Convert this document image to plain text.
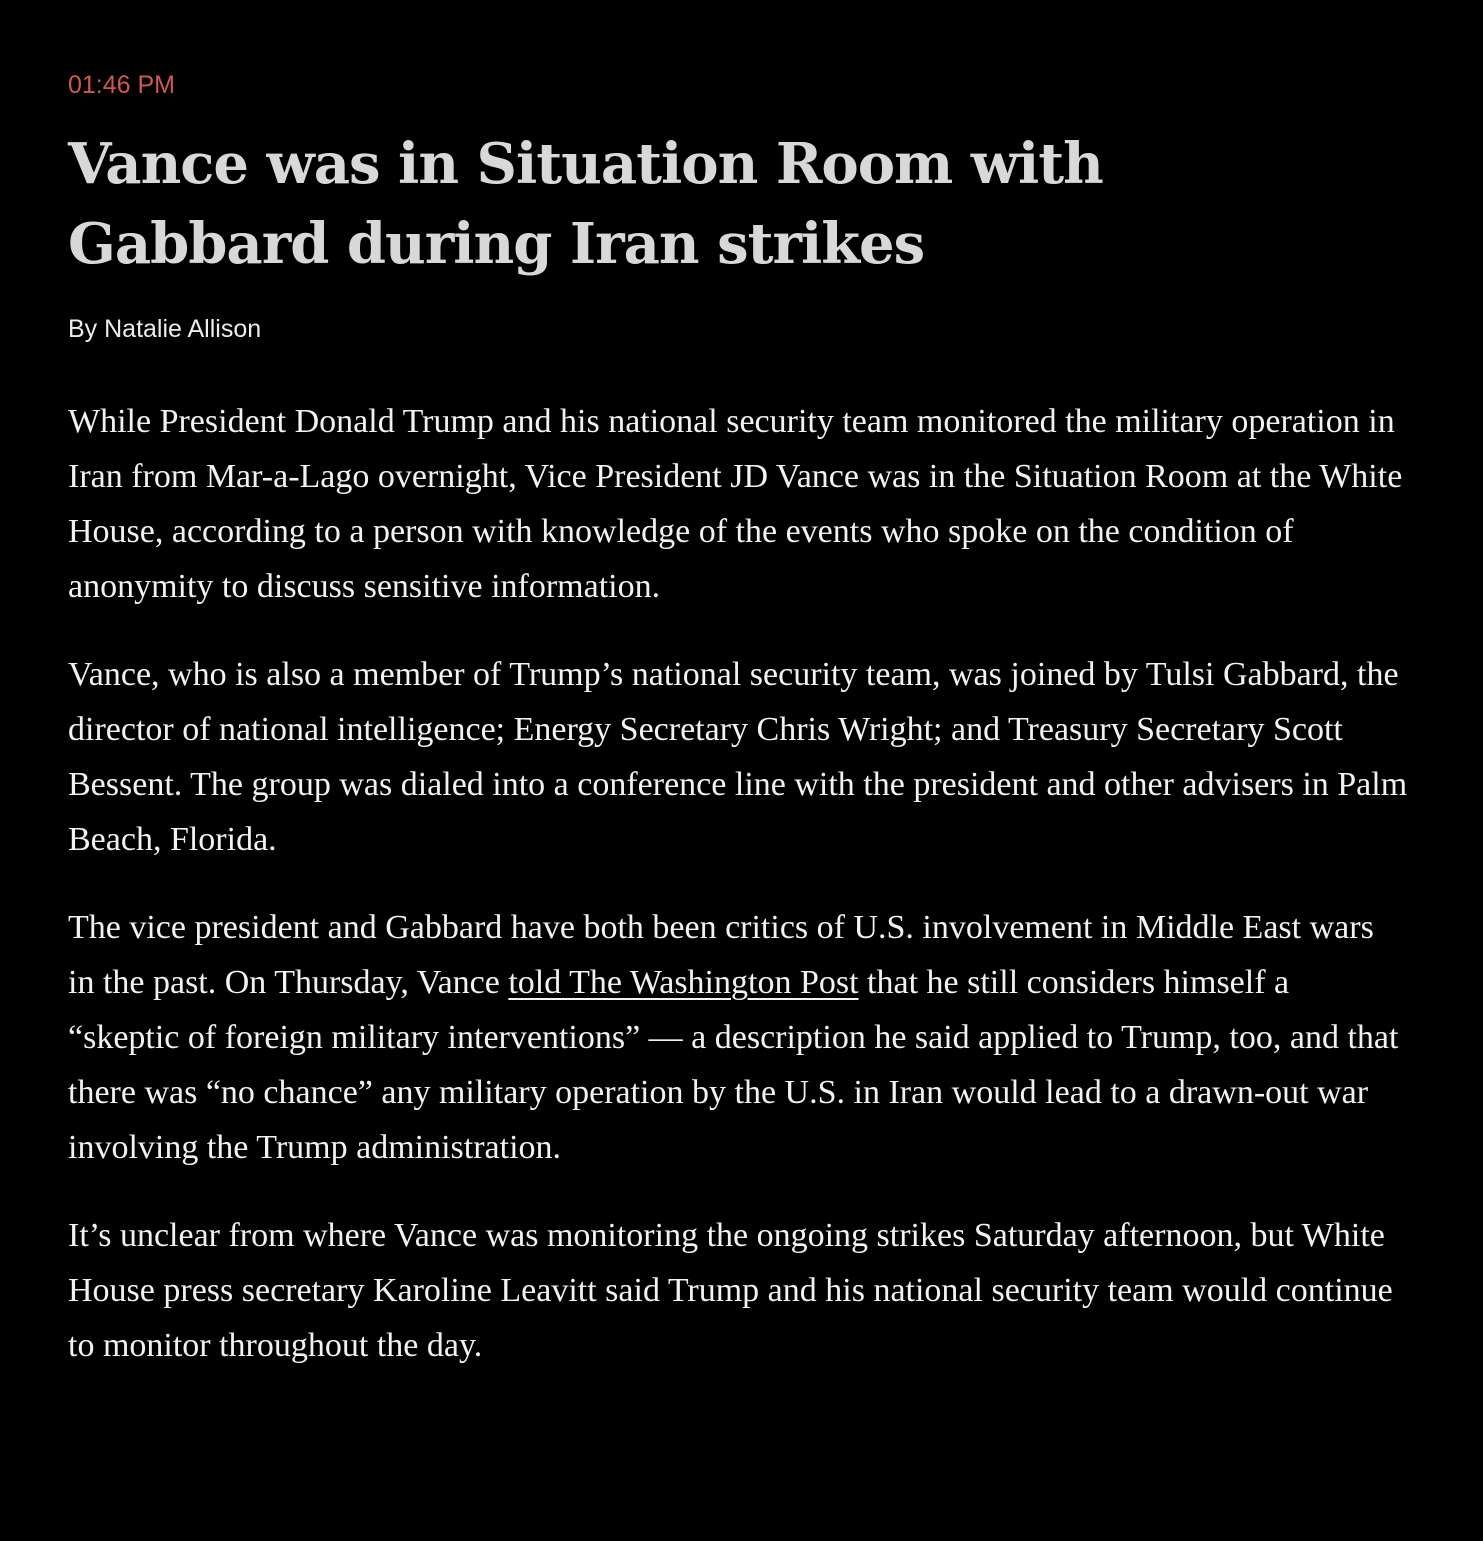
01:46 PM
Vance was in Situation Room with Gabbard during Iran strikes
By Natalie Allison

While President Donald Trump and his national security team monitored the military operation in Iran from Mar-a-Lago overnight, Vice President JD Vance was in the Situation Room at the White House, according to a person with knowledge of the events who spoke on the condition of anonymity to discuss sensitive information.

Vance, who is also a member of Trump’s national security team, was joined by Tulsi Gabbard, the director of national intelligence; Energy Secretary Chris Wright; and Treasury Secretary Scott Bessent. The group was dialed into a conference line with the president and other advisers in Palm Beach, Florida.

The vice president and Gabbard have both been critics of U.S. involvement in Middle East wars in the past. On Thursday, Vance told The Washington Post that he still considers himself a “skeptic of foreign military interventions” — a description he said applied to Trump, too, and that there was “no chance” any military operation by the U.S. in Iran would lead to a drawn-out war involving the Trump administration.

It’s unclear from where Vance was monitoring the ongoing strikes Saturday afternoon, but White House press secretary Karoline Leavitt said Trump and his national security team would continue to monitor throughout the day.
